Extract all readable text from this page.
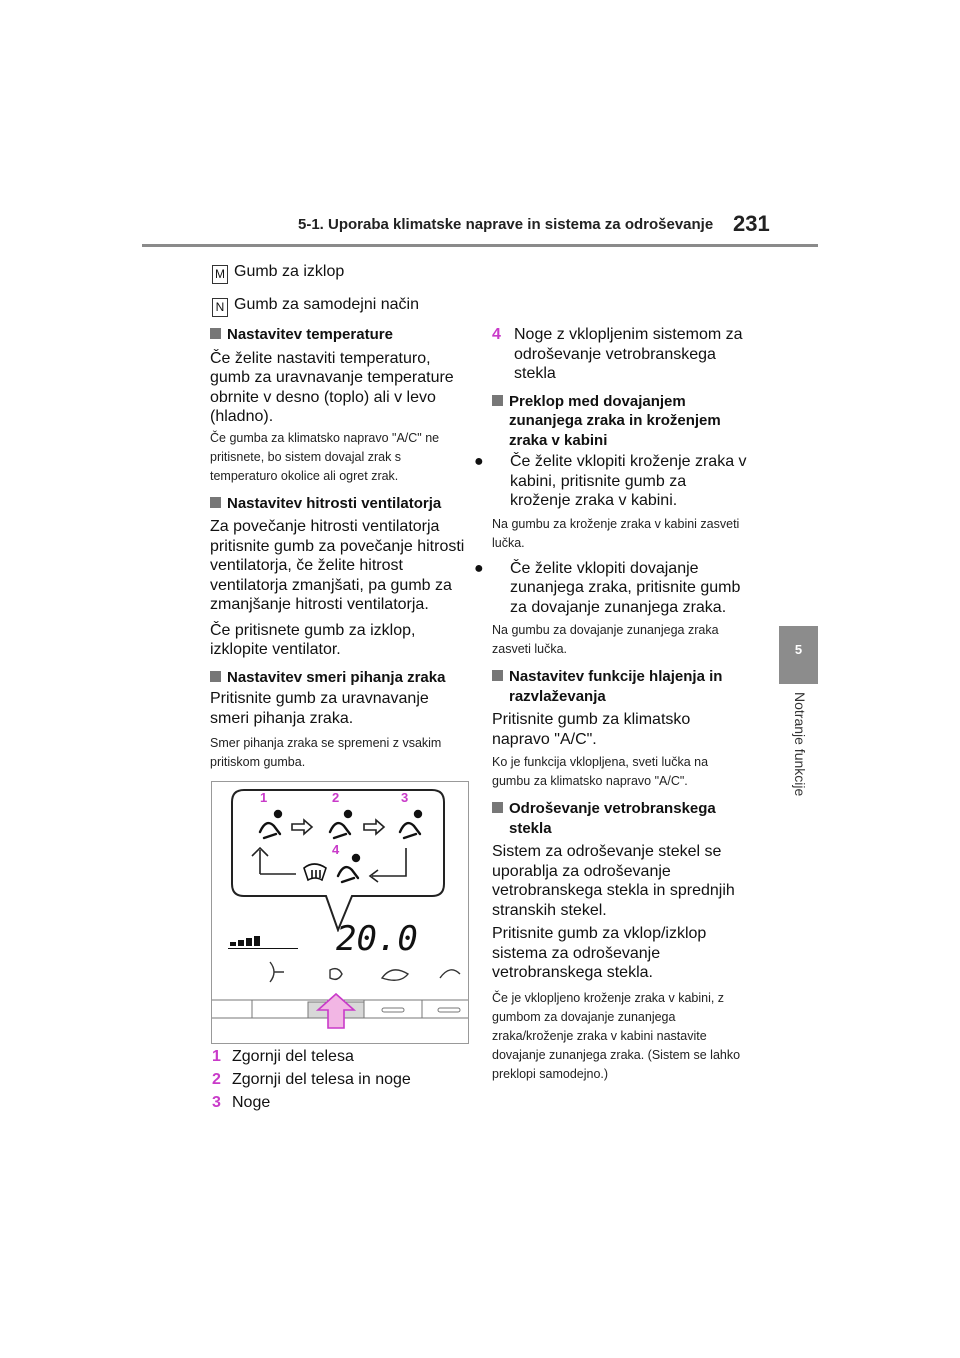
5-1. Uporaba klimatske naprave in sistema za odroševanje 231
5
Notranje funkcije
M Gumb za izklop
N Gumb za samodejni način

Nastavitev temperature

Če želite nastaviti temperaturo, gumb za uravnavanje temperature obrnite v desno (toplo) ali v levo (hladno).

Če gumba za klimatsko napravo "A/C" ne pritisnete, bo sistem dovajal zrak s temperaturo okolice ali ogret zrak.

Nastavitev hitrosti ventilatorja

Za povečanje hitrosti ventilatorja pritisnite gumb za povečanje hitrosti ventilatorja, če želite hitrost ventilatorja zmanjšati, pa gumb za zmanjšanje hitrosti ventilatorja.

Če pritisnete gumb za izklop, izklopite ventilator.

Nastavitev smeri pihanja zraka

Pritisnite gumb za uravnavanje smeri pihanja zraka.

Smer pihanja zraka se spremeni z vsakim pritiskom gumba.

20.0
1	2	3
4
1 Zgornji del telesa
2 Zgornji del telesa in noge
3 Noge
4 Noge z vklopljenim sistemom za odroševanje vetrobranskega stekla

Preklop med dovajanjem zunanjega zraka in kroženjem zraka v kabini

● Če želite vklopiti kroženje zraka v kabini, pritisnite gumb za kroženje zraka v kabini.

Na gumbu za kroženje zraka v kabini zasveti lučka.

● Če želite vklopiti dovajanje zunanjega zraka, pritisnite gumb za dovajanje zunanjega zraka.

Na gumbu za dovajanje zunanjega zraka zasveti lučka.

Nastavitev funkcije hlajenja in razvlaževanja

Pritisnite gumb za klimatsko napravo "A/C".

Ko je funkcija vklopljena, sveti lučka na gumbu za klimatsko napravo "A/C".

Odroševanje vetrobranskega stekla

Sistem za odroševanje stekel se uporablja za odroševanje vetrobranskega stekla in sprednjih stranskih stekel.

Pritisnite gumb za vklop/izklop sistema za odroševanje vetrobranskega stekla.

Če je vklopljeno kroženje zraka v kabini, z gumbom za dovajanje zunanjega zraka/kroženje zraka v kabini nastavite dovajanje zunanjega zraka. (Sistem se lahko preklopi samodejno.)
